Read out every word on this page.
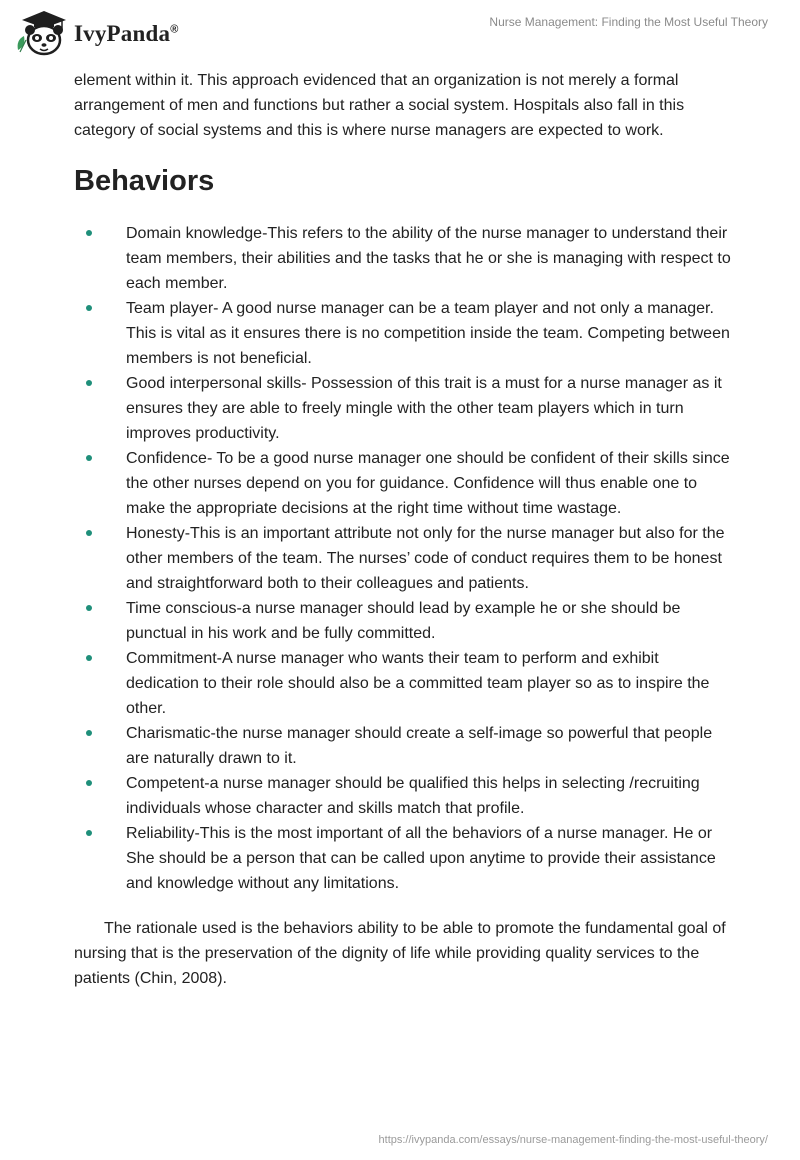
IvyPanda®
Nurse Management: Finding the Most Useful Theory

element within it. This approach evidenced that an organization is not merely a formal arrangement of men and functions but rather a social system. Hospitals also fall in this category of social systems and this is where nurse managers are expected to work.

Behaviors
Domain knowledge-This refers to the ability of the nurse manager to understand their team members, their abilities and the tasks that he or she is managing with respect to each member.
Team player- A good nurse manager can be a team player and not only a manager. This is vital as it ensures there is no competition inside the team. Competing between members is not beneficial.
Good interpersonal skills- Possession of this trait is a must for a nurse manager as it ensures they are able to freely mingle with the other team players which in turn improves productivity.
Confidence- To be a good nurse manager one should be confident of their skills since the other nurses depend on you for guidance. Confidence will thus enable one to make the appropriate decisions at the right time without time wastage.
Honesty-This is an important attribute not only for the nurse manager but also for the other members of the team. The nurses’ code of conduct requires them to be honest and straightforward both to their colleagues and patients.
Time conscious-a nurse manager should lead by example he or she should be punctual in his work and be fully committed.
Commitment-A nurse manager who wants their team to perform and exhibit dedication to their role should also be a committed team player so as to inspire the other.
Charismatic-the nurse manager should create a self-image so powerful that people are naturally drawn to it.
Competent-a nurse manager should be qualified this helps in selecting /recruiting individuals whose character and skills match that profile.
Reliability-This is the most important of all the behaviors of a nurse manager. He or She should be a person that can be called upon anytime to provide their assistance and knowledge without any limitations.

The rationale used is the behaviors ability to be able to promote the fundamental goal of nursing that is the preservation of the dignity of life while providing quality services to the patients (Chin, 2008).

https://ivypanda.com/essays/nurse-management-finding-the-most-useful-theory/
